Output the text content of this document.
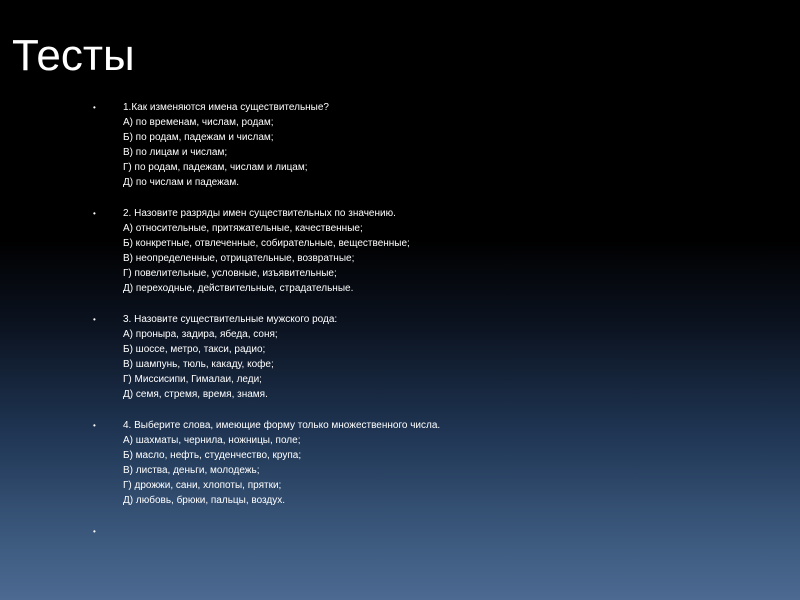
Тесты
•	1.Как изменяются имена существительные?
А) по временам, числам, родам;
Б) по родам, падежам и числам;
В) по лицам и числам;
Г) по родам, падежам, числам и лицам;
Д) по числам и падежам.
•	2. Назовите разряды имен существительных по значению.
А) относительные, притяжательные, качественные;
Б) конкретные, отвлеченные, собирательные, вещественные;
В) неопределенные, отрицательные, возвратные;
Г) повелительные, условные, изъявительные;
Д) переходные, действительные, страдательные.
•	3. Назовите существительные мужского рода:
А) проныра, задира, ябеда, соня;
Б) шоссе, метро, такси, радио;
В) шампунь, тюль, какаду, кофе;
Г) Миссисипи, Гималаи, леди;
Д) семя, стремя, время, знамя.
•	4. Выберите слова, имеющие форму только множественного числа.
А) шахматы, чернила, ножницы, поле;
Б) масло, нефть, студенчество, крупа;
В) листва, деньги, молодежь;
Г) дрожжи, сани, хлопоты, прятки;
Д) любовь, брюки, пальцы, воздух.
•
